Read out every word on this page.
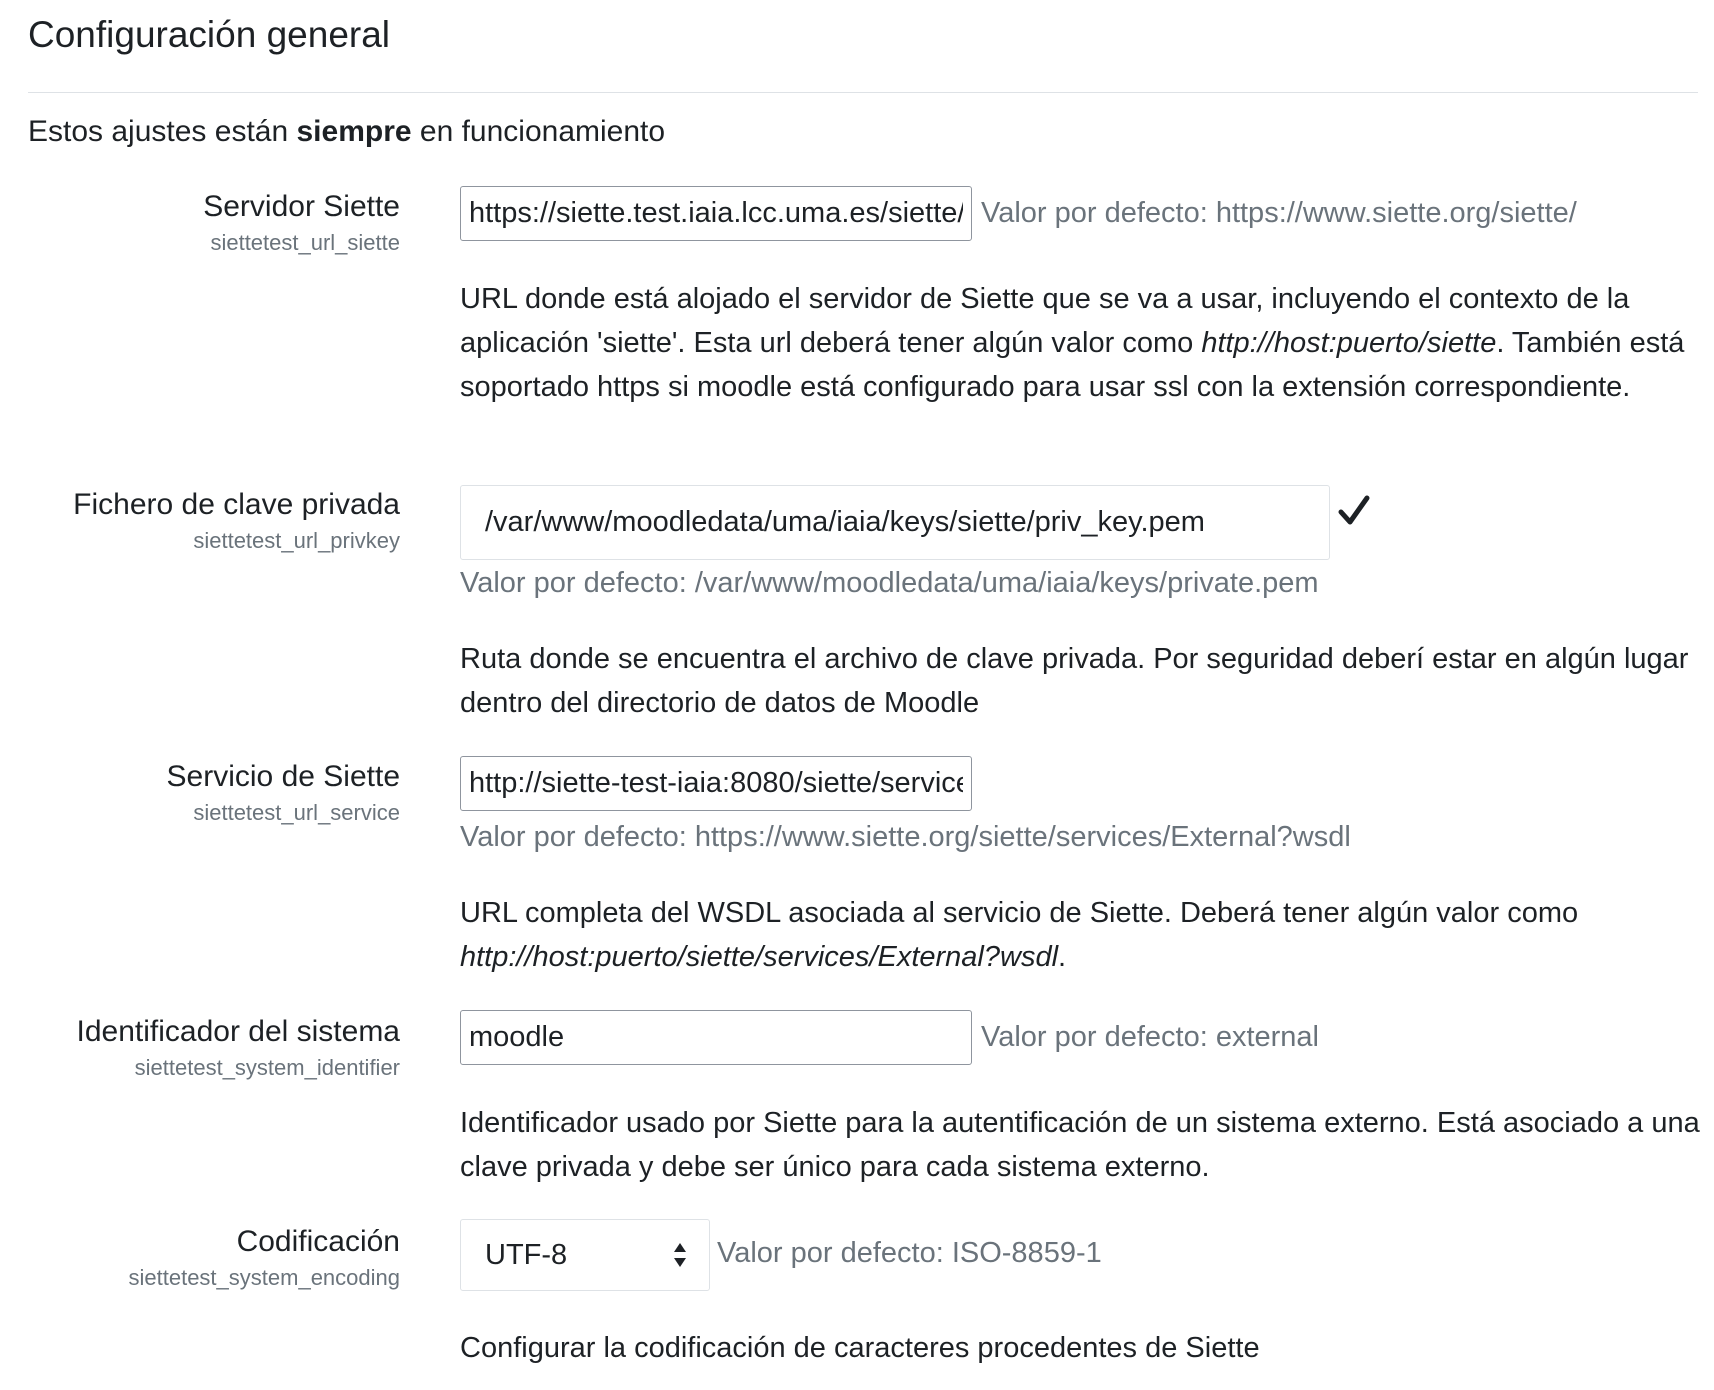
Configuración general
Estos ajustes están siempre en funcionamiento
Servidor Siette
siettetest_url_siette
https://siette.test.iaia.lcc.uma.es/siette/
Valor por defecto: https://www.siette.org/siette/

URL donde está alojado el servidor de Siette que se va a usar, incluyendo el contexto de la aplicación 'siette'. Esta url deberá tener algún valor como http://host:puerto/siette. También está soportado https si moodle está configurado para usar ssl con la extensión correspondiente.

Fichero de clave privada
siettetest_url_privkey
/var/www/moodledata/uma/iaia/keys/siette/priv_key.pem
Valor por defecto: /var/www/moodledata/uma/iaia/keys/private.pem

Ruta donde se encuentra el archivo de clave privada. Por seguridad deberí estar en algún lugar dentro del directorio de datos de Moodle

Servicio de Siette
siettetest_url_service
http://siette-test-iaia:8080/siette/services/External?wsdl
Valor por defecto: https://www.siette.org/siette/services/External?wsdl

URL completa del WSDL asociada al servicio de Siette. Deberá tener algún valor como
http://host:puerto/siette/services/External?wsdl.

Identificador del sistema
siettetest_system_identifier
moodle
Valor por defecto: external

Identificador usado por Siette para la autentificación de un sistema externo. Está asociado a una clave privada y debe ser único para cada sistema externo.

Codificación
siettetest_system_encoding
UTF-8	Valor por defecto: ISO-8859-1

Configurar la codificación de caracteres procedentes de Siette
